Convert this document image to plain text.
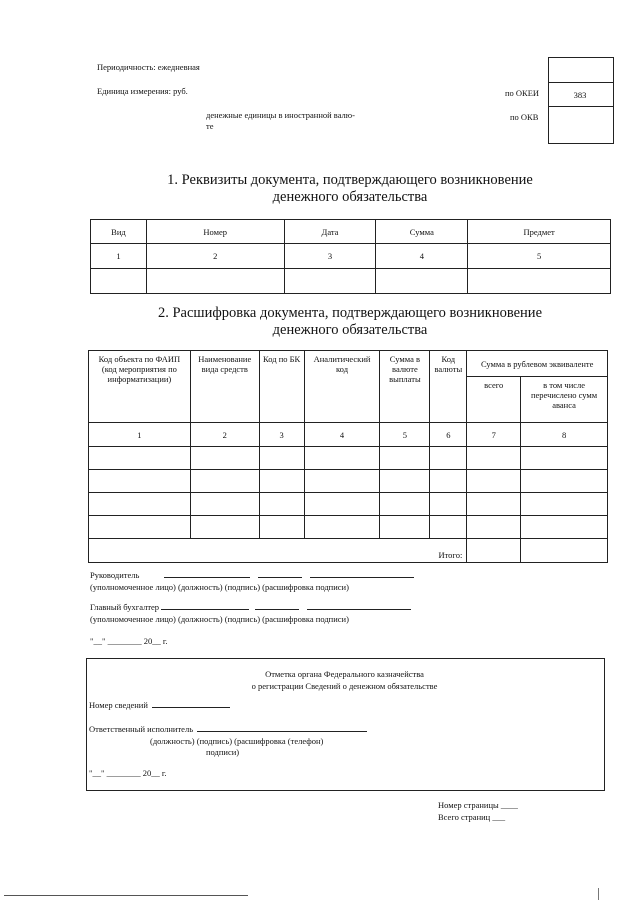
Периодичность: ежедневная
Единица измерения: руб.
денежные единицы в иностранной валю-
те
по ОКЕИ
по ОКВ
383
1. Реквизиты документа, подтверждающего возникновение
денежного обязательства
Вид	Номер	Дата	Сумма	Предмет
1	2	3	4	5

2. Расшифровка документа, подтверждающего возникновение
денежного обязательства
Код объекта по ФАИП (код мероприятия по информатизации)	Наименование вида средств	Код по БК	Аналитический код	Сумма в валюте выплаты	Код валюты	Сумма в рублевом эквиваленте	
						всего	в том числе перечислено сумм аванса
1	2	3	4	5	6	7	8

Итого:							
Руководитель
(уполномоченное лицо) (должность) (подпись) (расшифровка подписи)
Главный бухгалтер
(уполномоченное лицо) (должность) (подпись) (расшифровка подписи)
"__" ________ 20__ г.
Отметка органа Федерального казначейства
о регистрации Сведений о денежном обязательстве
Номер сведений
Ответственный исполнитель
(должность) (подпись) (расшифровка (телефон)
подписи)
"__" ________ 20__ г.
Номер страницы ____
Всего страниц ___
